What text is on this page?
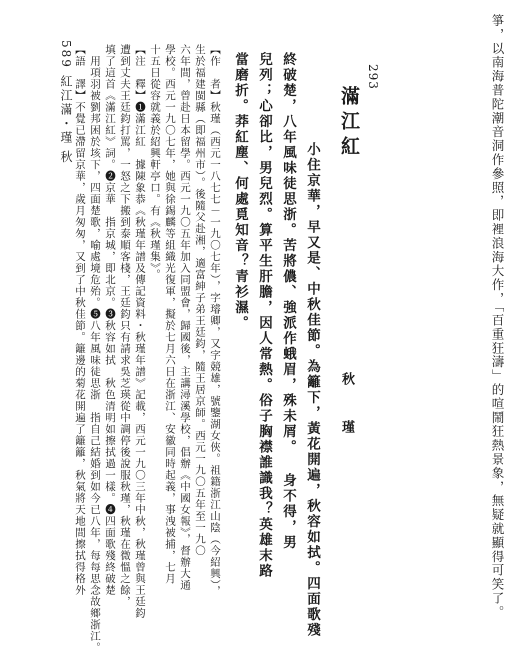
589 紅江滿・瑾 秋	箏，以南海普陀潮音洞作參照，即裡浪海大作，「百重狂濤」的喧鬧狂熱景象，無疑就顯得可笑了。
293
滿江紅
秋 瑾
小住京華，早又是、中秋佳節。為籬下，黃花開遍，秋容如拭。四面歌殘
終破楚，八年風味徒思浙。苦將儂、強派作蛾眉，殊未屑。 身不得，男
兒列；心卻比，男兒烈。算平生肝膽，因人常熱。俗子胸襟誰識我？英雄末路
當磨折。莽紅塵、何處覓知音？青衫濕。
【作　者】秋瑾（西元一八七七－一九〇七年），字璿卿，又字競雄，號鑒湖女俠。祖籍浙江山陰（今紹興），
生於福建閩縣（即福州市）。後隨父赴湘，適富紳子弟王廷鈞，隨王居京師。西元一九〇五年至一九〇
六年間，曾赴日本留學。西元一九〇五年加入同盟會，歸國後，主講潯溪學校，倡辦《中國女報》，督辦大通
學校。西元一九〇七年，她與徐錫麟等組織光復軍，擬於七月六日在浙江、安徽同時起義，事洩被捕，七月
十五日從容就義於紹興軒亭口。有《秋瑾集》。
【注　釋】❶滿江紅　據陳象恭《秋瑾年譜及傳記資料・秋瑾年譜》記載，西元一九〇三年中秋，秋瑾曾與王廷鈞
遭到丈夫王廷鈞打罵，一怒之下搬到泰順客棧，王廷鈞只有請求吳芝瑛從中調停後說服秋瑾，秋瑾在微慍之餘，
填了這首《滿江紅》詞。❷京華　指京城，即北京。❸秋容如拭　秋色清明如擦拭過一樣。❹四面歌殘終破楚
　用項羽被劉邦困於垓下，四面楚歌，喻處境危殆。❺八年風味徒思浙　指自己結婚到如今已八年，每每思念故鄉浙江。
【語　譯】不覺已滯留京華，歲月匆匆，又到了中秋佳節。籬邊的菊花開遍了籬籬，秋氣將天地間擦拭得格外
